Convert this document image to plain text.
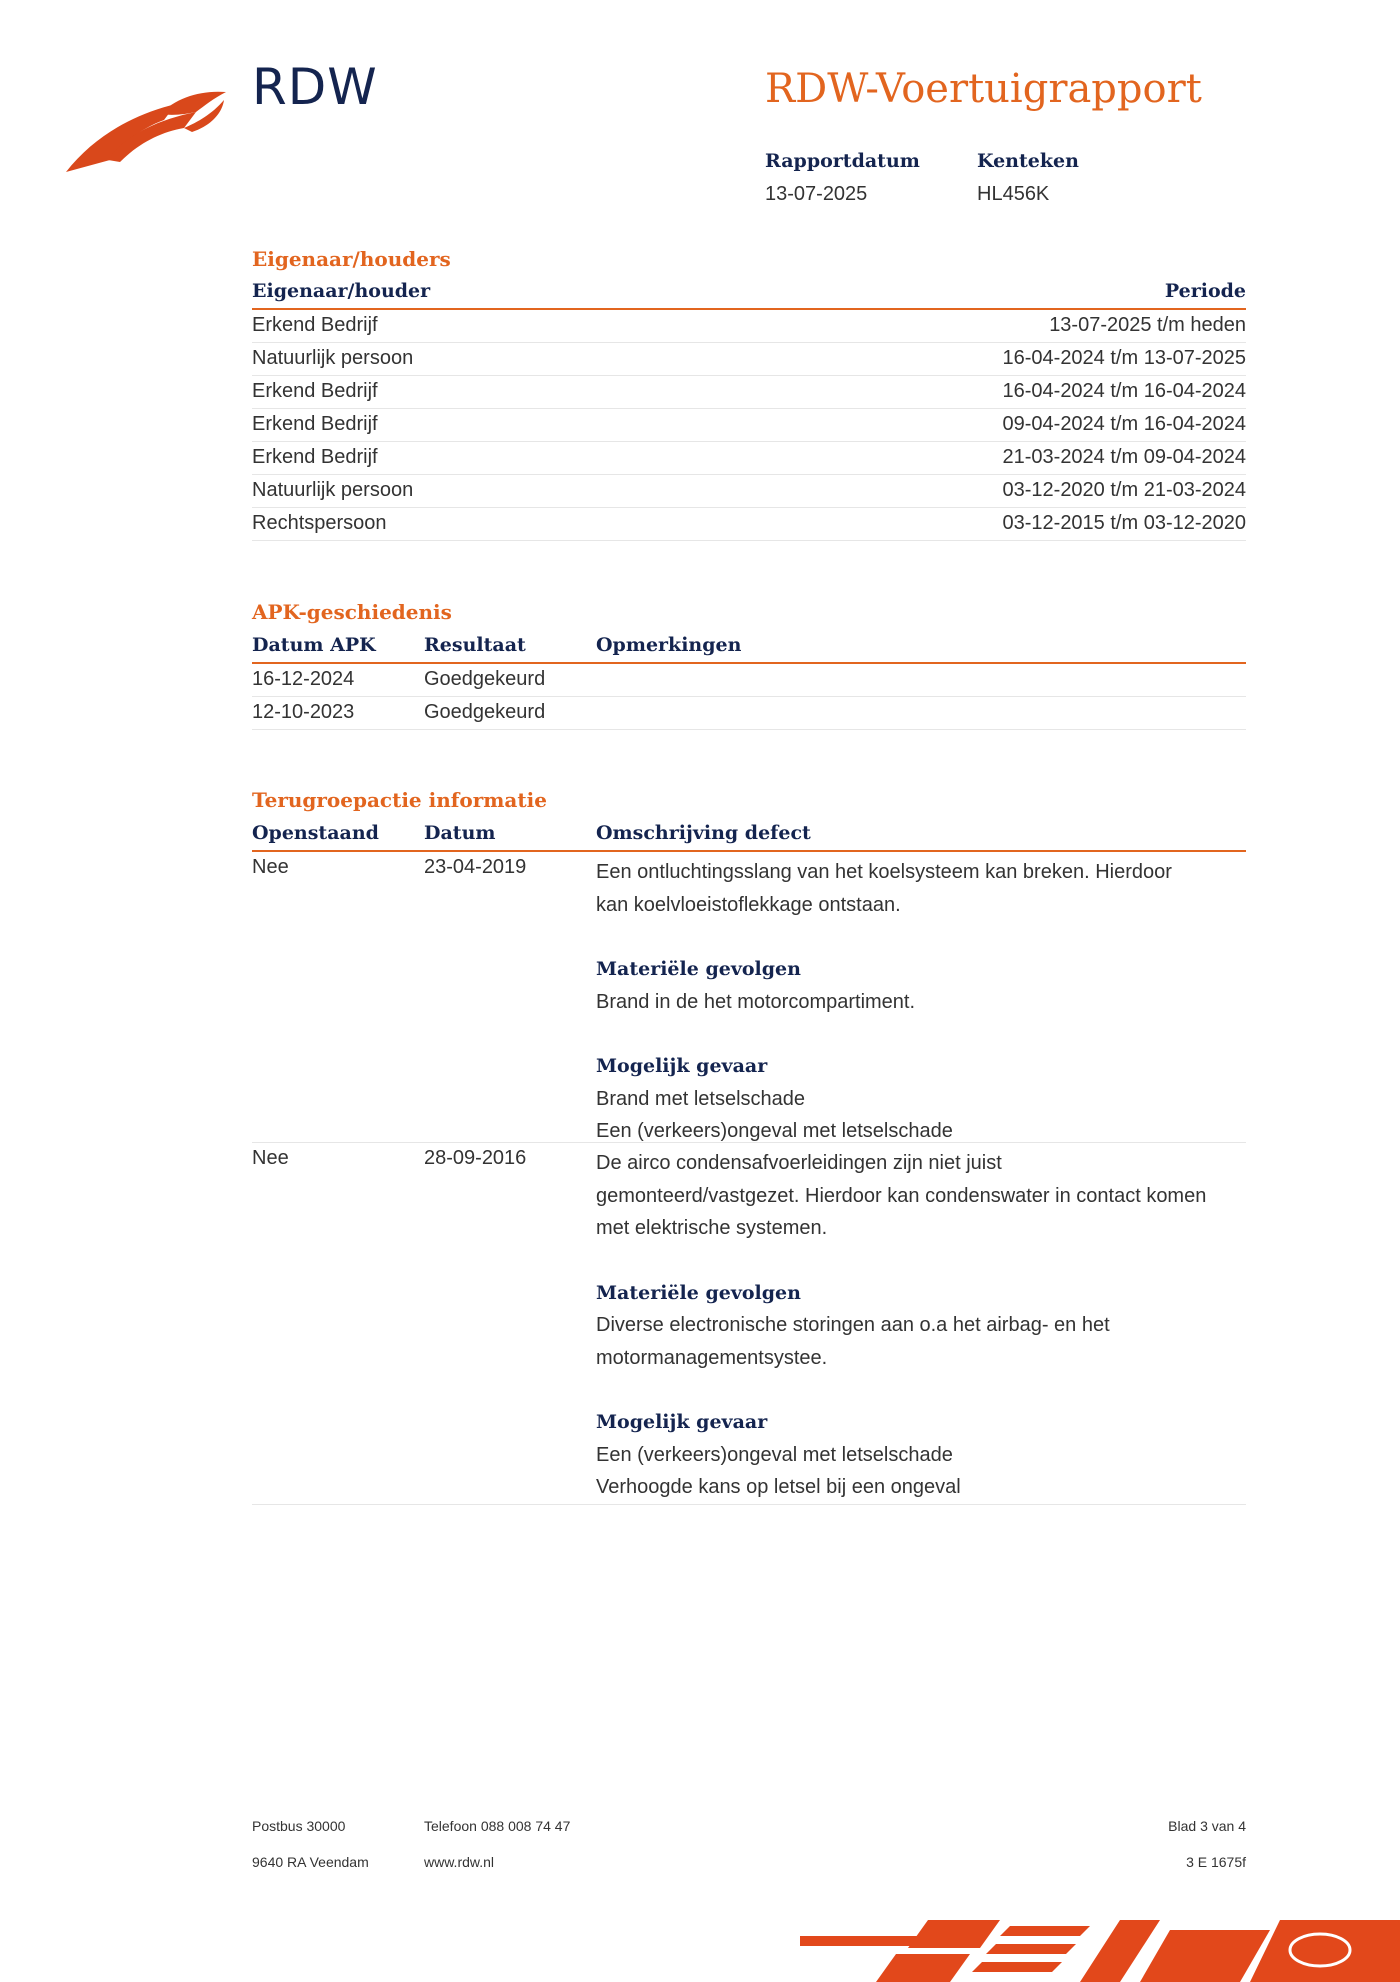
RDW	RDW-Voertuigrapport
Rapportdatum
13-07-2025
Kenteken
HL456K
Eigenaar/houders
Eigenaar/houder	Periode
Erkend Bedrijf	13-07-2025 t/m heden
Natuurlijk persoon	16-04-2024 t/m 13-07-2025
Erkend Bedrijf	16-04-2024 t/m 16-04-2024
Erkend Bedrijf	09-04-2024 t/m 16-04-2024
Erkend Bedrijf	21-03-2024 t/m 09-04-2024
Natuurlijk persoon	03-12-2020 t/m 21-03-2024
Rechtspersoon	03-12-2015 t/m 03-12-2020
APK-geschiedenis
Datum APK	Resultaat	Opmerkingen
16-12-2024	Goedgekeurd
12-10-2023	Goedgekeurd
Terugroepactie informatie
Openstaand Datum	Omschrijving defect
Nee	23-04-2019	Een ontluchtingsslang van het koelsysteem kan breken. Hierdoor

kan koelvloeistoflekkage ontstaan.

Materiële gevolgen

Brand in de het motorcompartiment.

Mogelijk gevaar

Brand met letselschade

Een (verkeers)ongeval met letselschade

Nee	28-09-2016	De airco condensafvoerleidingen zijn niet juist

gemonteerd/vastgezet. Hierdoor kan condenswater in contact komen

met elektrische systemen.

Materiële gevolgen

Diverse electronische storingen aan o.a het airbag- en het

motormanagementsystee.

Mogelijk gevaar

Een (verkeers)ongeval met letselschade

Verhoogde kans op letsel bij een ongeval

Postbus 30000
9640 RA Veendam
Telefoon 088 008 74 47
www.rdw.nl
Blad 3 van 4
3 E 1675f
